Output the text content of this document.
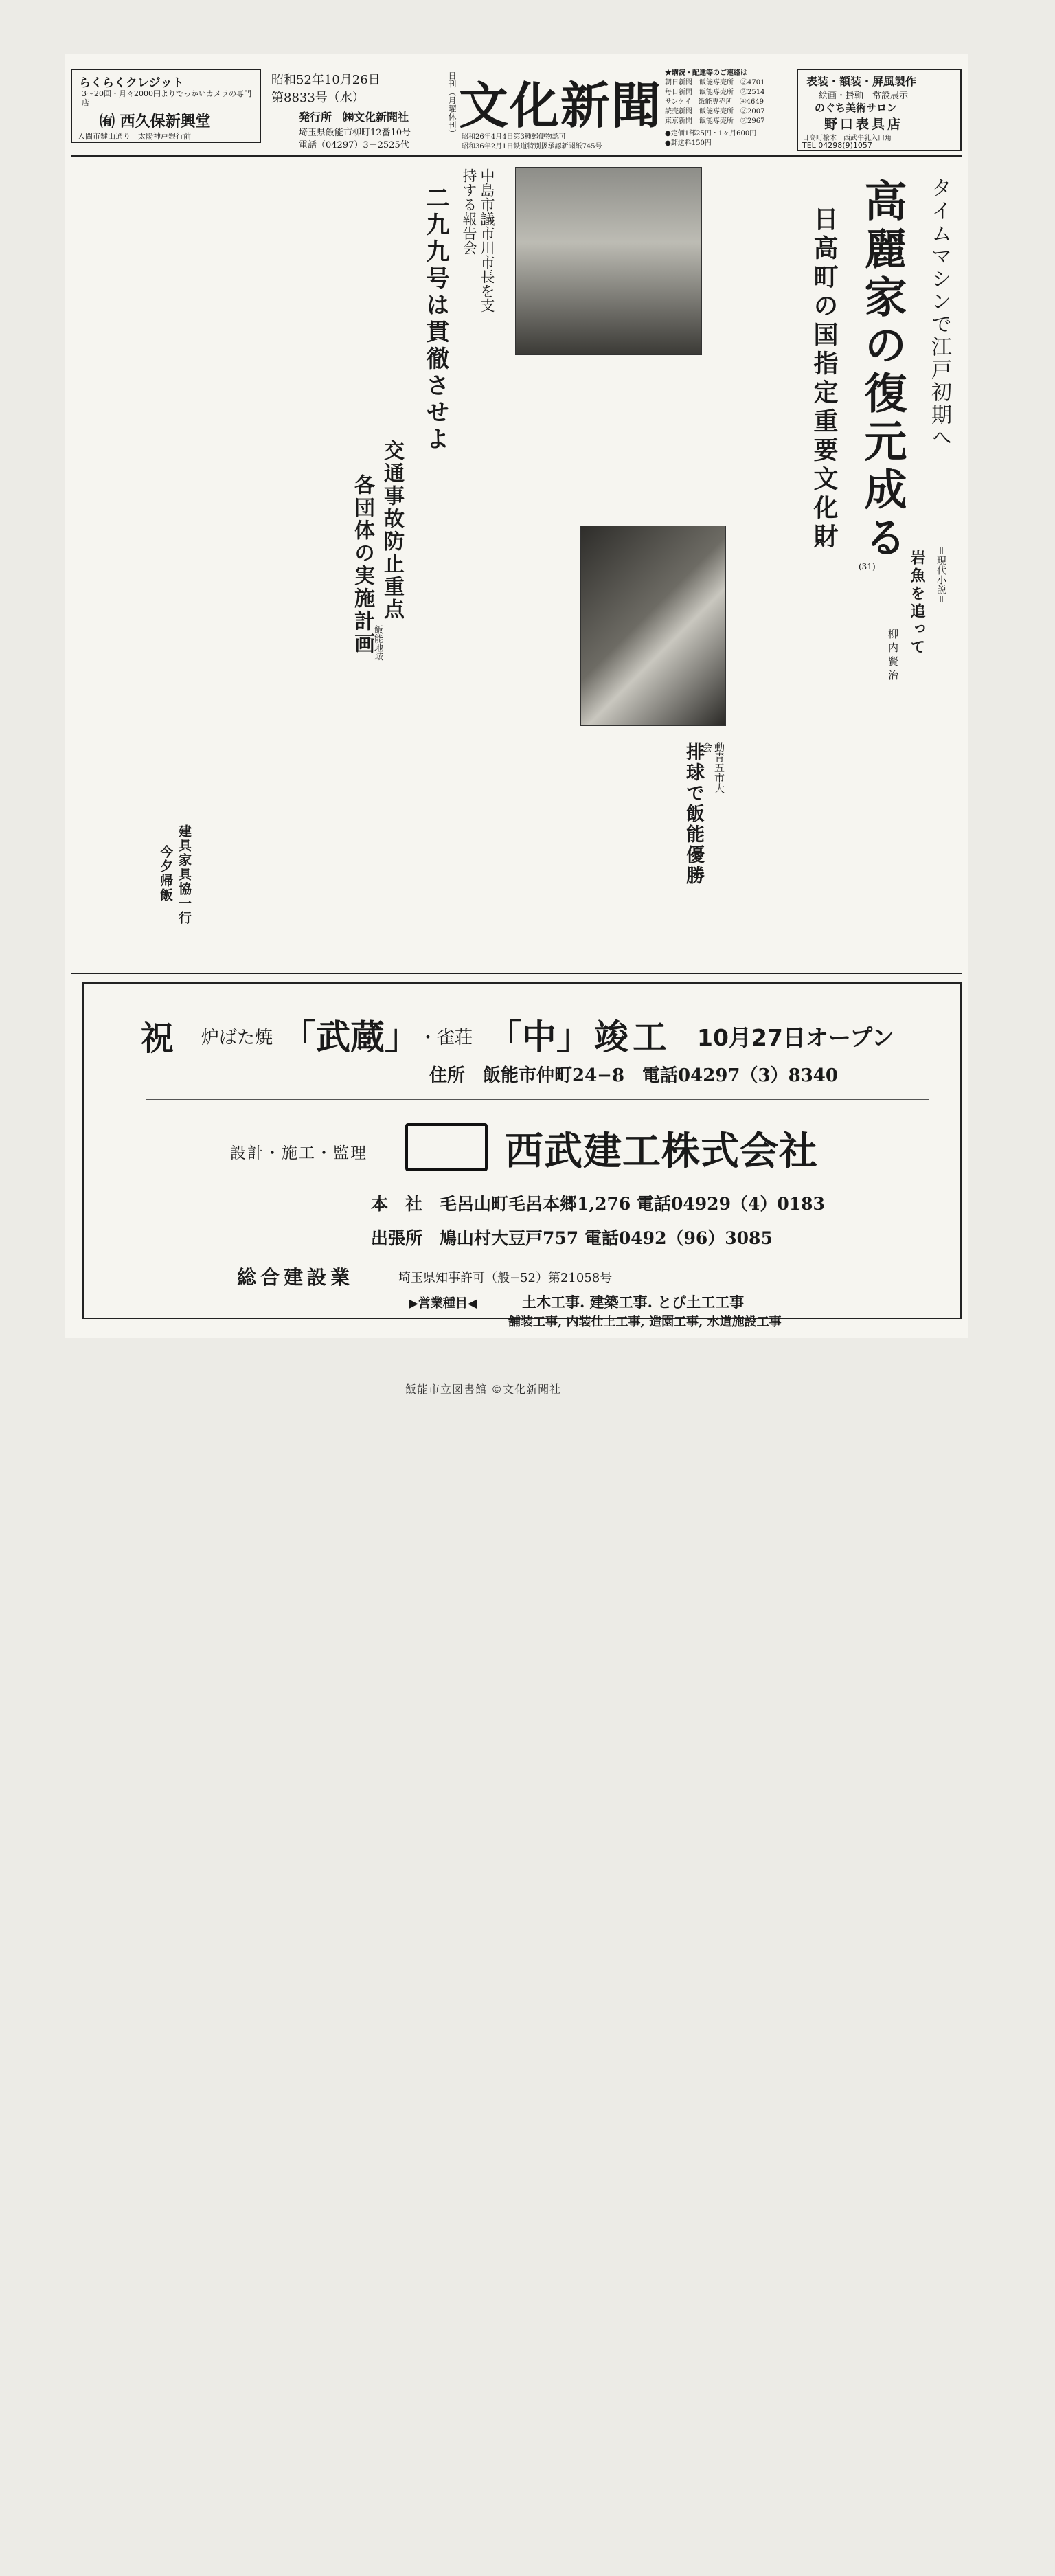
らくらくクレジット
3〜20回・月々2000円よりでっかいカメラの専門店
㈲ 西久保新興堂
入間市鍵山通り　太陽神戸銀行前
昭和52年10月26日
第8833号（水）
発行所　㈱文化新聞社
埼玉県飯能市柳町12番10号
電話（04297）3－2525代
日刊（月曜休刊） 文化新聞
昭和26年4月4日第3種郵便物認可
昭和36年2月1日鉄道特別扱承認新聞紙745号
★購読・配達等のご連絡は
朝日新聞　飯能専売所　②4701
毎日新聞　飯能専売所　②2514
サンケイ　飯能専売所　④4649
読売新聞　飯能専売所　②2007
東京新聞　飯能専売所　②2967
●定価1部25円・1ヶ月600円
●郵送料150円
表装・額装・屏風製作
絵画・掛軸　常設展示
のぐち美術サロン
野口表具店
日高町楡木　西武牛乳入口角
TEL 04298(9)1057
タイムマシンで江戸初期へ
高麗家の復元成る
日高町の国指定重要文化財
＝現代小説＝
岩魚を追って
柳内賢治
(31)
中島市議市川市長を支持する報告会
二九九号は貫徹させよ
交通事故防止重点
各団体の実施計画
飯能地域
動青五市大会
排球で飯能優勝
建具家具協一行
今夕帰飯
祝 炉ばた焼 「武蔵」 ・雀荘 「中」 竣工 10月27日オープン
住所　飯能市仲町24−8　電話04297（3）8340
設計・施工・監理	西武建工株式会社
本　社　毛呂山町毛呂本郷1,276 電話04929（4）0183
出張所　鳩山村大豆戸757 電話0492（96）3085
総合建設業	埼玉県知事許可（般−52）第21058号
▶営業種目◀	土木工事. 建築工事. とび土工工事
舗装工事, 内装仕上工事, 造園工事, 水道施設工事
飯能市立図書館 ©文化新聞社
